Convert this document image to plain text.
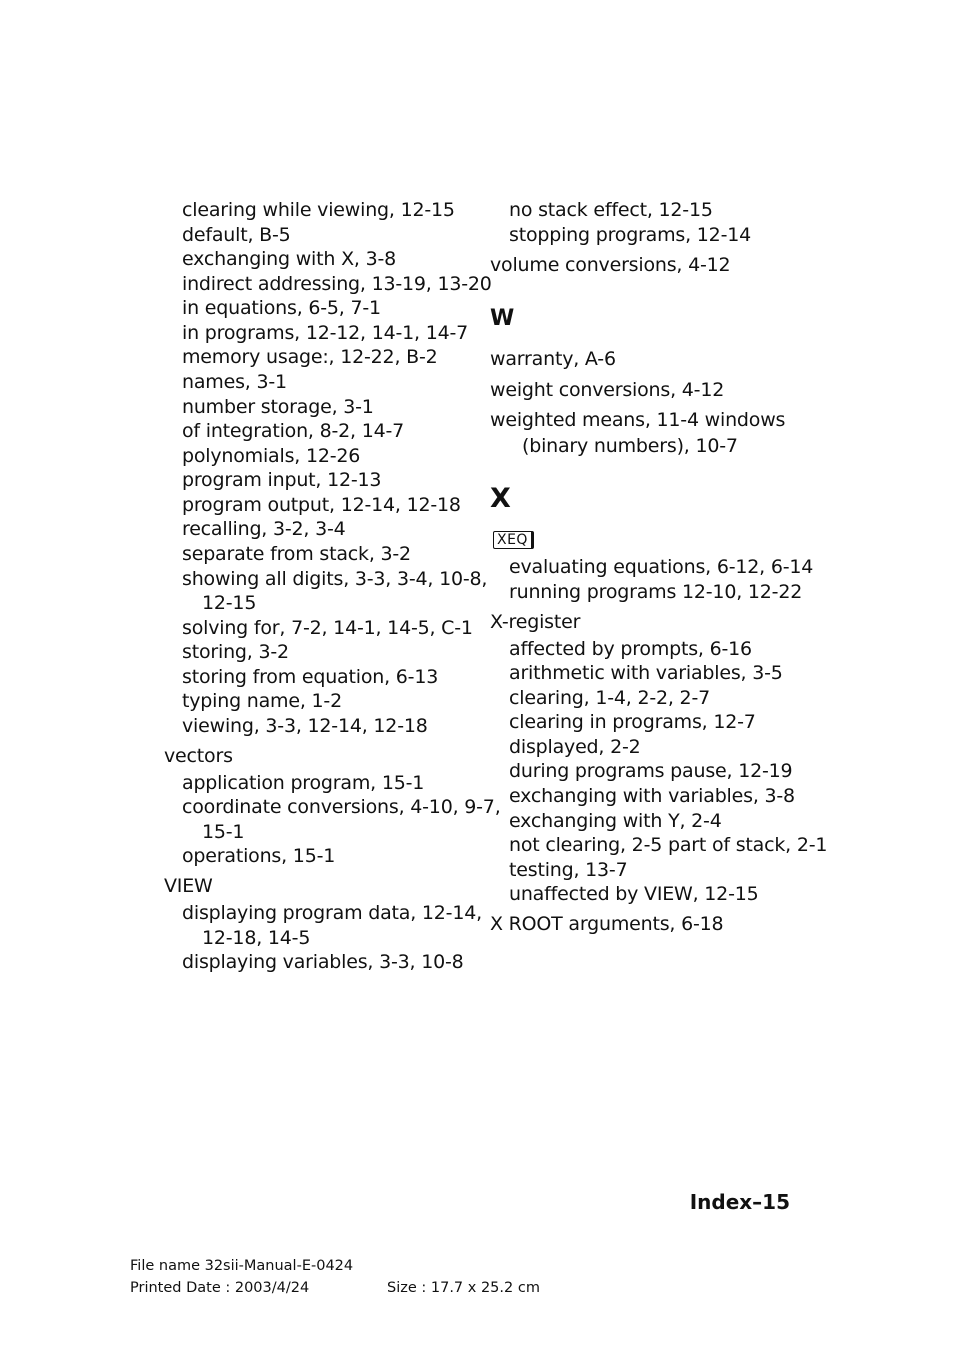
clearing while viewing, 12-15
default, B-5
exchanging with X, 3-8
indirect addressing, 13-19, 13-20
in equations, 6-5, 7-1
in programs, 12-12, 14-1, 14-7
memory usage:, 12-22, B-2
names, 3-1
number storage, 3-1
of integration, 8-2, 14-7
polynomials, 12-26
program input, 12-13
program output, 12-14, 12-18
recalling, 3-2, 3-4
separate from stack, 3-2
showing all digits, 3-3, 3-4, 10-8,
12-15
solving for, 7-2, 14-1, 14-5, C-1
storing, 3-2
storing from equation, 6-13
typing name, 1-2
viewing, 3-3, 12-14, 12-18
vectors
application program, 15-1
coordinate conversions, 4-10, 9-7,
15-1
operations, 15-1
VIEW
displaying program data, 12-14,
12-18, 14-5
displaying variables, 3-3, 10-8
no stack effect, 12-15
stopping programs, 12-14
volume conversions, 4-12
W
warranty, A-6
weight conversions, 4-12
weighted means, 11-4 windows
(binary numbers), 10-7
X
XEQ
evaluating equations, 6-12, 6-14
running programs 12-10, 12-22
X-register
affected by prompts, 6-16
arithmetic with variables, 3-5
clearing, 1-4, 2-2, 2-7
clearing in programs, 12-7
displayed, 2-2
during programs pause, 12-19
exchanging with variables, 3-8
exchanging with Y, 2-4
not clearing, 2-5 part of stack, 2-1
testing, 13-7
unaffected by VIEW, 12-15
X ROOT arguments, 6-18
Index–15
File name 32sii-Manual-E-0424
Printed Date : 2003/4/24	Size : 17.7 x 25.2 cm
